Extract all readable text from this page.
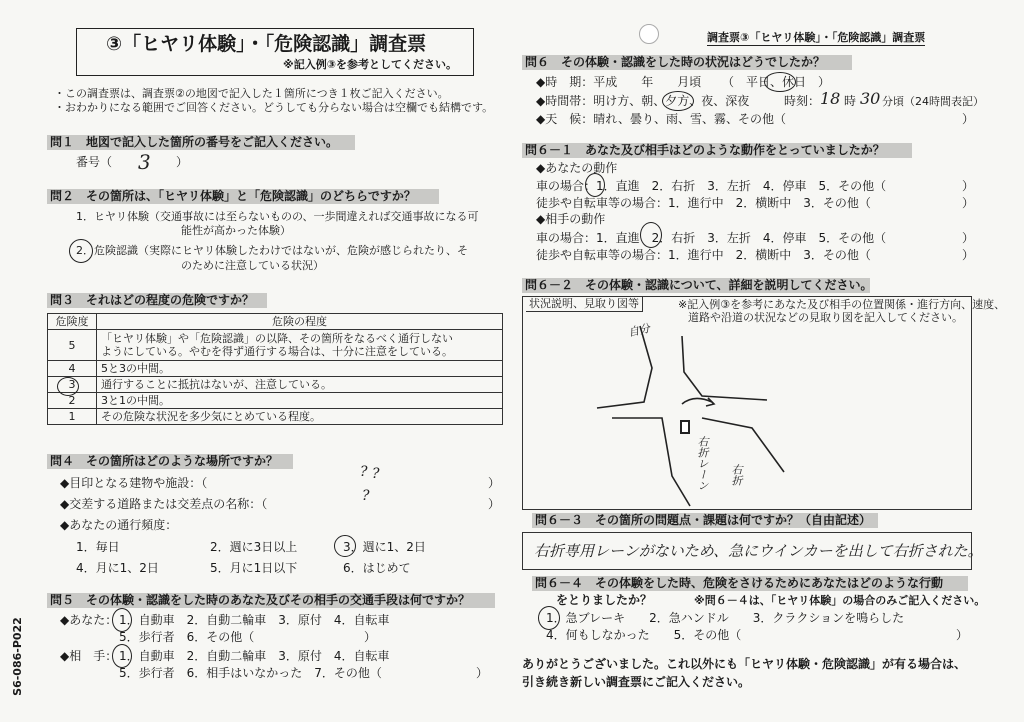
③「ヒヤリ体験」・「危険認識」調査票
※記入例③を参考としてください。
調査票③「ヒヤリ体験」・「危険認識」調査票
・この調査票は、調査票②の地図で記入した１箇所につき１枚ご記入ください。
・おわかりになる範囲でご回答ください。どうしても分らない場合は空欄でも結構です。
問１　地図で記入した箇所の番号をご記入ください。
番号（ 3 ）
問２　その箇所は、「ヒヤリ体験」と「危険認識」のどちらですか？
1．ヒヤリ体験（交通事故には至らないものの、一歩間違えれば交通事故になる可
能性が高かった体験）
2．危険認識（実際にヒヤリ体験したわけではないが、危険が感じられたり、そ
のために注意している状況）
問３　それはどの程度の危険ですか？
危険度	危険の程度
5	「ヒヤリ体験」や「危険認識」の以降、その箇所をなるべく通行しない
ようにしている。やむを得ず通行する場合は、十分に注意をしている。

4	5と3の中間。
3	通行することに抵抗はないが、注意している。
2	3と1の中間。
1	その危険な状況を多少気にとめている程度。
問４　その箇所はどのような場所ですか？
◆目印となる建物や施設：（	）
? ?
◆交差する道路または交差点の名称：（	）
?
◆あなたの通行頻度：
1．毎日	2．週に3日以上	3．週に1、2日
4．月に1、2日	5．月に1日以下	6．はじめて
問５　その体験・認識をした時のあなた及びその相手の交通手段は何ですか？
◆あなた： 1．自動車　2．自動二輪車　3．原付　4．自転車
5．歩行者　6．その他（	）
◆相　手： 1．自動車　2．自動二輪車　3．原付　4．自転車
5．歩行者　6．相手はいなかった　7．その他（	）
S6-086-P022
問６　その体験・認識をした時の状況はどうでしたか？
◆時　期：平成　　年　　月頃 （　平日、休日　）
◆時間帯：明け方、朝、夕方、夜、深夜	時刻： 18 時 30 分頃（24時間表記）
◆天　候：晴れ、曇り、雨、雪、霧、その他（	）
問６－１　あなた及び相手はどのような動作をとっていましたか？
◆あなたの動作
車の場合：1．直進　2．右折　3．左折　4．停車　5．その他（	）
徒歩や自転車等の場合：1．進行中　2．横断中　3．その他（	）
◆相手の動作
車の場合：1．直進　2．右折　3．左折　4．停車　5．その他（	）
徒歩や自転車等の場合：1．進行中　2．横断中　3．その他（	）
問６－２　その体験・認識について、詳細を説明してください。
状況説明、見取り図等	※記入例③を参考にあなた及び相手の位置関係・進行方向、速度、
道路や沿道の状況などの見取り図を記入してください。
自分
右折レーン 右折
問６－３　その箇所の問題点・課題は何ですか？（自由記述）
右折専用レーンがないため、急にウインカーを出して右折された。
問６－４　その体験をした時、危険をさけるためにあなたはどのような行動
をとりましたか？	※問６－４は、「ヒヤリ体験」の場合のみご記入ください。
1．急ブレーキ　　2．急ハンドル　　3．クラクションを鳴らした
4．何もしなかった　　5．その他（	）
ありがとうございました。これ以外にも「ヒヤリ体験・危険認識」が有る場合は、
引き続き新しい調査票にご記入ください。
